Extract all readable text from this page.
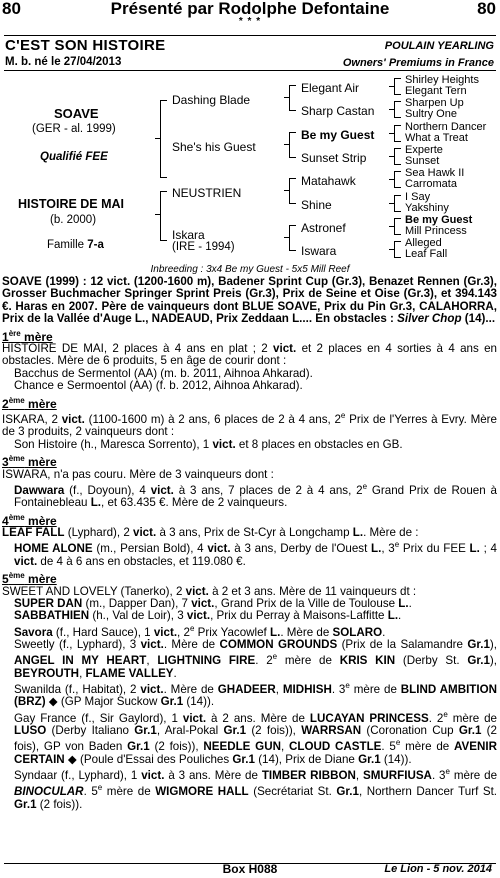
80	Présenté par Rodolphe Defontaine	80
* * *
C'EST SON HISTOIRE	POULAIN YEARLING
M. b. né le 27/04/2013	Owners' Premiums in France
SOAVE
(GER - al. 1999)
Qualifié FEE
HISTOIRE DE MAI
(b. 2000)
Famille 7-a
Dashing Blade
She's his Guest
NEUSTRIEN
Iskara
(IRE - 1994)
Elegant Air
Sharp Castan
Be my Guest
Sunset Strip
Matahawk
Shine
Astronef
Iswara
Shirley Heights
Elegant Tern
Sharpen Up
Sultry One
Northern Dancer
What a Treat
Experte
Sunset
Sea Hawk II
Carromata
I Say
Yakshiny
Be my Guest
Mill Princess
Alleged
Leaf Fall
Inbreeding : 3x4 Be my Guest - 5x5 Mill Reef

SOAVE (1999) : 12 vict. (1200-1600 m), Badener Sprint Cup (Gr.3), Benazet Rennen (Gr.3), Grosser Buchmacher Springer Sprint Preis (Gr.3), Prix de Seine et Oise (Gr.3), et 394.143 €. Haras en 2007. Père de vainqueurs dont BLUE SOAVE, Prix du Pin Gr.3, CALAHORRA, Prix de la Vallée d'Auge L., NADEAUD, Prix Zeddaan L.... En obstacles : Silver Chop (14)...

1ère mère

HISTOIRE DE MAI, 2 places à 4 ans en plat ; 2 vict. et 2 places en 4 sorties à 4 ans en obstacles. Mère de 6 produits, 5 en âge de courir dont :

Bacchus de Sermentol (AA) (m. b. 2011, Aihnoa Ahkarad).

Chance e Sermoentol (AA) (f. b. 2012, Aihnoa Ahkarad).

2ème mère

ISKARA, 2 vict. (1100-1600 m) à 2 ans, 6 places de 2 à 4 ans, 2e Prix de l'Yerres à Evry. Mère de 3 produits, 2 vainqueurs dont :

Son Histoire (h., Maresca Sorrento), 1 vict. et 8 places en obstacles en GB.

3ème mère

ISWARA, n'a pas couru. Mère de 3 vainqueurs dont :

Dawwara (f., Doyoun), 4 vict. à 3 ans, 7 places de 2 à 4 ans, 2e Grand Prix de Rouen à Fontainebleau L., et 63.435 €. Mère de 2 vainqueurs.

4ème mère

LEAF FALL (Lyphard), 2 vict. à 3 ans, Prix de St-Cyr à Longchamp L.. Mère de :

HOME ALONE (m., Persian Bold), 4 vict. à 3 ans, Derby de l'Ouest L., 3e Prix du FEE L. ; 4 vict. de 4 à 6 ans en obstacles, et 119.080 €.

5ème mère

SWEET AND LOVELY (Tanerko), 2 vict. à 2 et 3 ans. Mère de 11 vainqueurs dt :

SUPER DAN (m., Dapper Dan), 7 vict., Grand Prix de la Ville de Toulouse L..

SABBATHIEN (h., Val de Loir), 3 vict., Prix du Perray à Maisons-Laffitte L..

Savora (f., Hard Sauce), 1 vict., 2e Prix Yacowlef L.. Mère de SOLARO.

Sweetly (f., Lyphard), 3 vict.. Mère de COMMON GROUNDS (Prix de la Salamandre Gr.1), ANGEL IN MY HEART, LIGHTNING FIRE. 2e mère de KRIS KIN (Derby St. Gr.1), BEYROUTH, FLAME VALLEY.

Swanilda (f., Habitat), 2 vict.. Mère de GHADEER, MIDHISH. 3e mère de BLIND AMBITION (BRZ) ◆ (GP Major Suckow Gr.1 (14)).

Gay France (f., Sir Gaylord), 1 vict. à 2 ans. Mère de LUCAYAN PRINCESS. 2e mère de LUSO (Derby Italiano Gr.1, Aral-Pokal Gr.1 (2 fois)), WARRSAN (Coronation Cup Gr.1 (2 fois), GP von Baden Gr.1 (2 fois)), NEEDLE GUN, CLOUD CASTLE. 5e mère de AVENIR CERTAIN ◆ (Poule d'Essai des Pouliches Gr.1 (14), Prix de Diane Gr.1 (14)).

Syndaar (f., Lyphard), 1 vict. à 3 ans. Mère de TIMBER RIBBON, SMURFIUSA. 3e mère de BINOCULAR. 5e mère de WIGMORE HALL (Secrétariat St. Gr.1, Northern Dancer Turf St. Gr.1 (2 fois)).

Box H088	Le Lion - 5 nov. 2014
